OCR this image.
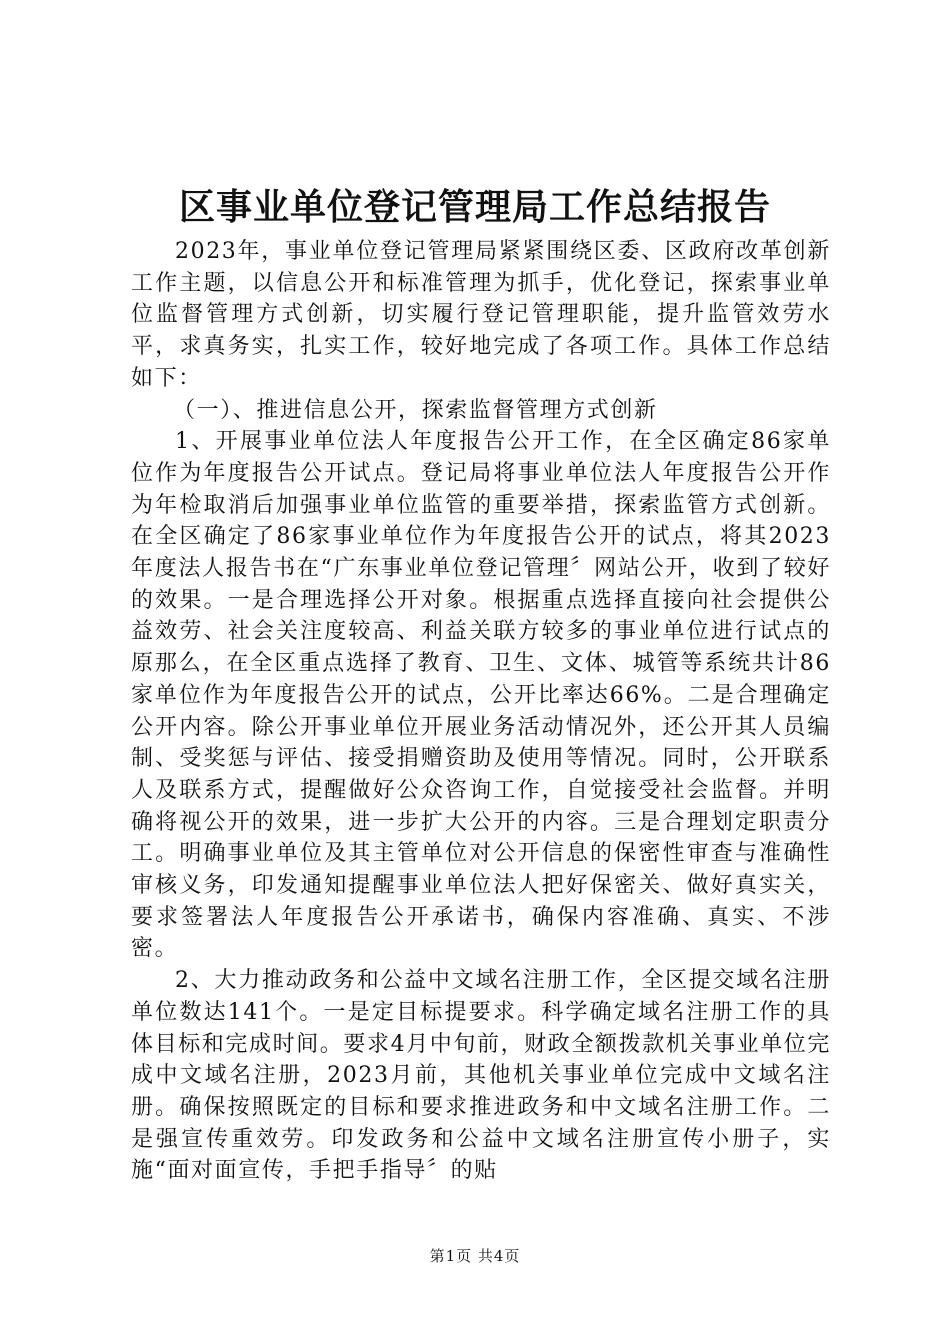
区事业单位登记管理局工作总结报告

2023年，事业单位登记管理局紧紧围绕区委、区政府改革创新工作主题，以信息公开和标准管理为抓手，优化登记，探索事业单位监督管理方式创新，切实履行登记管理职能，提升监管效劳水平，求真务实，扎实工作，较好地完成了各项工作。具体工作总结如下：

（一）、推进信息公开，探索监督管理方式创新

1、开展事业单位法人年度报告公开工作，在全区确定86家单位作为年度报告公开试点。登记局将事业单位法人年度报告公开作为年检取消后加强事业单位监管的重要举措，探索监管方式创新。在全区确定了86家事业单位作为年度报告公开的试点，将其2023年度法人报告书在“广东事业单位登记管理〞网站公开，收到了较好的效果。一是合理选择公开对象。根据重点选择直接向社会提供公益效劳、社会关注度较高、利益关联方较多的事业单位进行试点的原那么，在全区重点选择了教育、卫生、文体、城管等系统共计86家单位作为年度报告公开的试点，公开比率达66%。二是合理确定公开内容。除公开事业单位开展业务活动情况外，还公开其人员编制、受奖惩与评估、接受捐赠资助及使用等情况。同时，公开联系人及联系方式，提醒做好公众咨询工作，自觉接受社会监督。并明确将视公开的效果，进一步扩大公开的内容。三是合理划定职责分工。明确事业单位及其主管单位对公开信息的保密性审查与准确性审核义务，印发通知提醒事业单位法人把好保密关、做好真实关，要求签署法人年度报告公开承诺书，确保内容准确、真实、不涉密。

2、大力推动政务和公益中文域名注册工作，全区提交域名注册单位数达141个。一是定目标提要求。科学确定域名注册工作的具体目标和完成时间。要求4月中旬前，财政全额拨款机关事业单位完成中文域名注册，2023月前，其他机关事业单位完成中文域名注册。确保按照既定的目标和要求推进政务和中文域名注册工作。二是强宣传重效劳。印发政务和公益中文域名注册宣传小册子，实施“面对面宣传，手把手指导〞的贴

第1页 共4页
